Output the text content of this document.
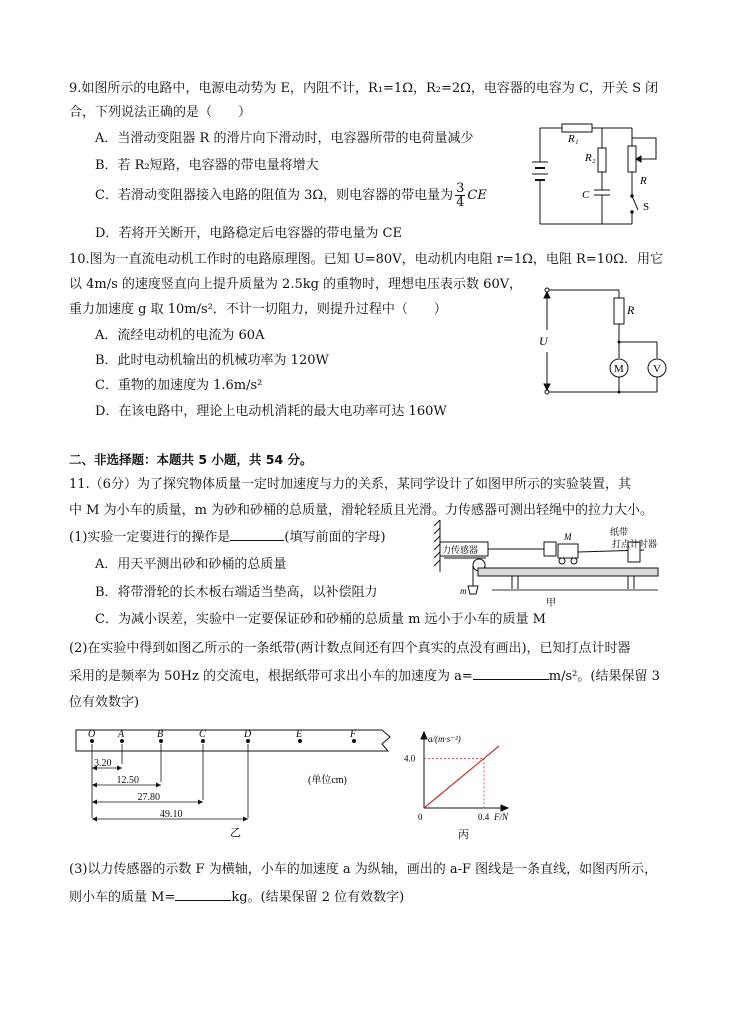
9.如图所示的电路中，电源电动势为 E，内阻不计，R₁=1Ω，R₂=2Ω，电容器的电容为 C，开关 S 闭
合，下列说法正确的是（　　）
A．当滑动变阻器 R 的滑片向下滑动时，电容器所带的电荷量减少
B．若 R₂短路，电容器的带电量将增大
C．若滑动变阻器接入电路的阻值为 3Ω，则电容器的带电量为 $\frac{3}{4}$ CE
D．若将开关断开，电路稳定后电容器的带电量为 CE
R₁
R₂
R
C
S
10.图为一直流电动机工作时的电路原理图。已知 U=80V，电动机内电阻 r=1Ω，电阻 R=10Ω．用它
以 4m/s 的速度竖直向上提升质量为 2.5kg 的重物时，理想电压表示数 60V，
重力加速度 g 取 10m/s²．不计一切阻力，则提升过程中（　　）
A．流经电动机的电流为 60A
B．此时电动机输出的机械功率为 120W
C．重物的加速度为 1.6m/s²
D．在该电路中，理论上电动机消耗的最大电功率可达 160W
U
R
M	V
二、非选择题：本题共 5 小题，共 54 分。
11.（6分）为了探究物体质量一定时加速度与力的关系，某同学设计了如图甲所示的实验装置，其
中 M 为小车的质量，m 为砂和砂桶的总质量，滑轮轻质且光滑。力传感器可测出轻绳中的拉力大小。
(1)实验一定要进行的操作是	(填写前面的字母)
A．用天平测出砂和砂桶的总质量
B．将带滑轮的长木板右端适当垫高，以补偿阻力
C．为减小误差，实验中一定要保证砂和砂桶的总质量 m 远小于小车的质量 M
力传感器
M	纸带
打点计时器
m
甲
(2)在实验中得到如图乙所示的一条纸带(两计数点间还有四个真实的点没有画出)，已知打点计时器
采用的是频率为 50Hz 的交流电，根据纸带可求出小车的加速度为 a=	m/s²。(结果保留 3
位有效数字)
O A	B	C	D	E	F
3.20
12.50
27.80
49.10
(单位cm)
乙
a/(m·s⁻²)
F/N
0
4.0
0.4
丙
(3)以力传感器的示数 F 为横轴，小车的加速度 a 为纵轴，画出的 a-F 图线是一条直线，如图丙所示，
则小车的质量 M=	kg。(结果保留 2 位有效数字)
